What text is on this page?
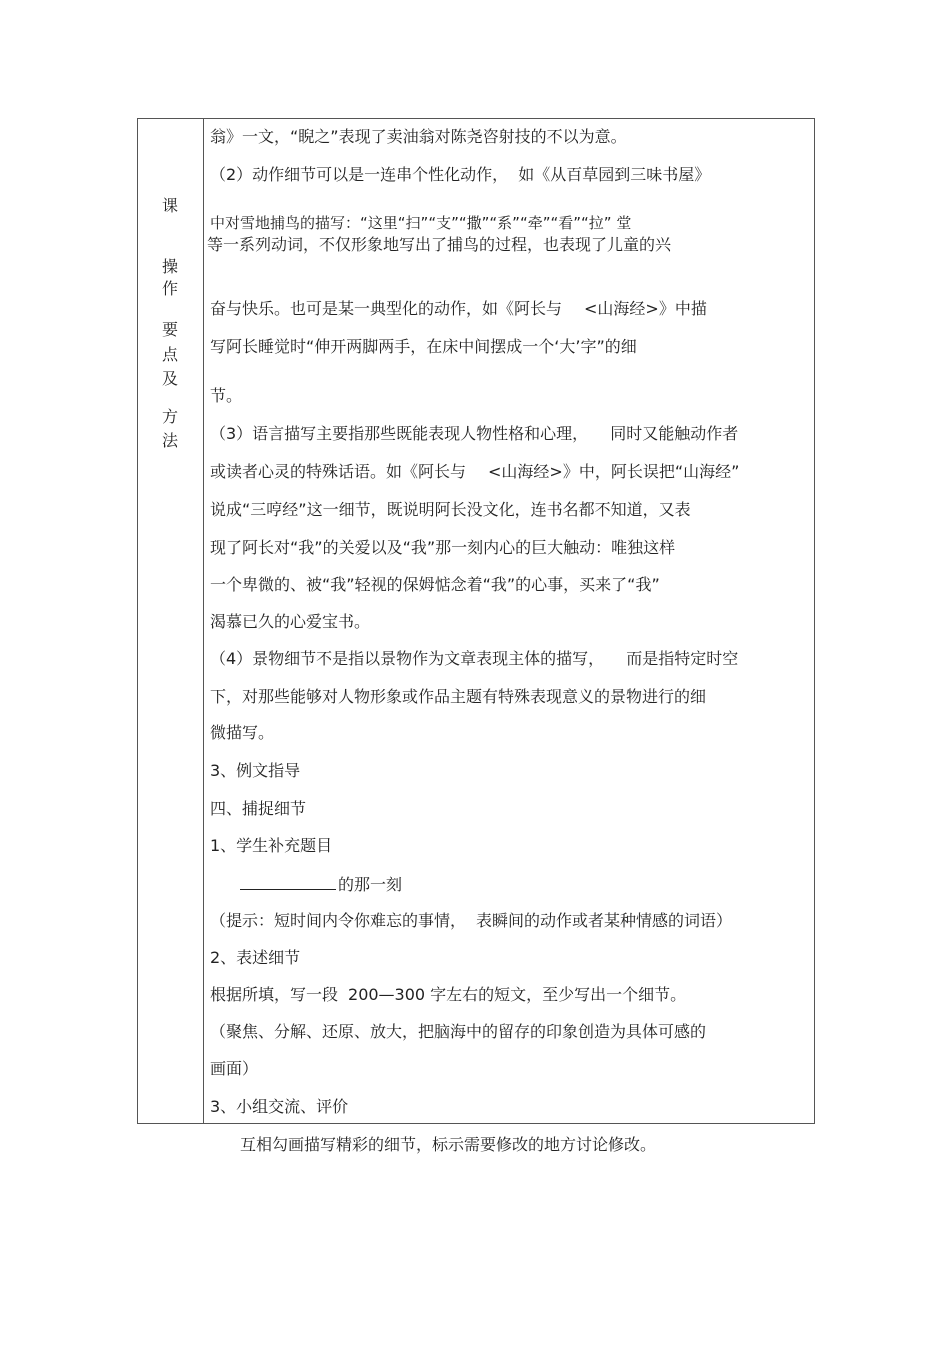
课
操
作
要
点
及
方
法
翁》一文，“睨之”表现了卖油翁对陈尧咨射技的不以为意。
（2）动作细节可以是一连串个性化动作， 如《从百草园到三味书屋》
中对雪地捕鸟的描写：“这里“扫”“支”“撒”“系”“牵”“看”“拉” 堂
等一系列动词，不仅形象地写出了捕鸟的过程，也表现了儿童的兴
奋与快乐。也可是某一典型化的动作，如《阿长与 <山海经>》中描
写阿长睡觉时“伸开两脚两手，在床中间摆成一个‘大’字”的细
节。
（3）语言描写主要指那些既能表现人物性格和心理， 同时又能触动作者
或读者心灵的特殊话语。如《阿长与 <山海经>》中，阿长误把“山海经”
说成“三哼经”这一细节，既说明阿长没文化，连书名都不知道，又表
现了阿长对“我”的关爱以及“我”那一刻内心的巨大触动：唯独这样
一个卑微的、被“我”轻视的保姆惦念着“我”的心事，买来了“我”
渴慕已久的心爱宝书。
（4）景物细节不是指以景物作为文章表现主体的描写， 而是指特定时空
下，对那些能够对人物形象或作品主题有特殊表现意义的景物进行的细
微描写。
3、例文指导
四、捕捉细节
1、学生补充题目
的那一刻
（提示：短时间内令你难忘的事情， 表瞬间的动作或者某种情感的词语）
2、表述细节
根据所填，写一段 200—300 字左右的短文，至少写出一个细节。
（聚焦、分解、还原、放大，把脑海中的留存的印象创造为具体可感的
画面）
3、小组交流、评价
互相勾画描写精彩的细节，标示需要修改的地方讨论修改。
